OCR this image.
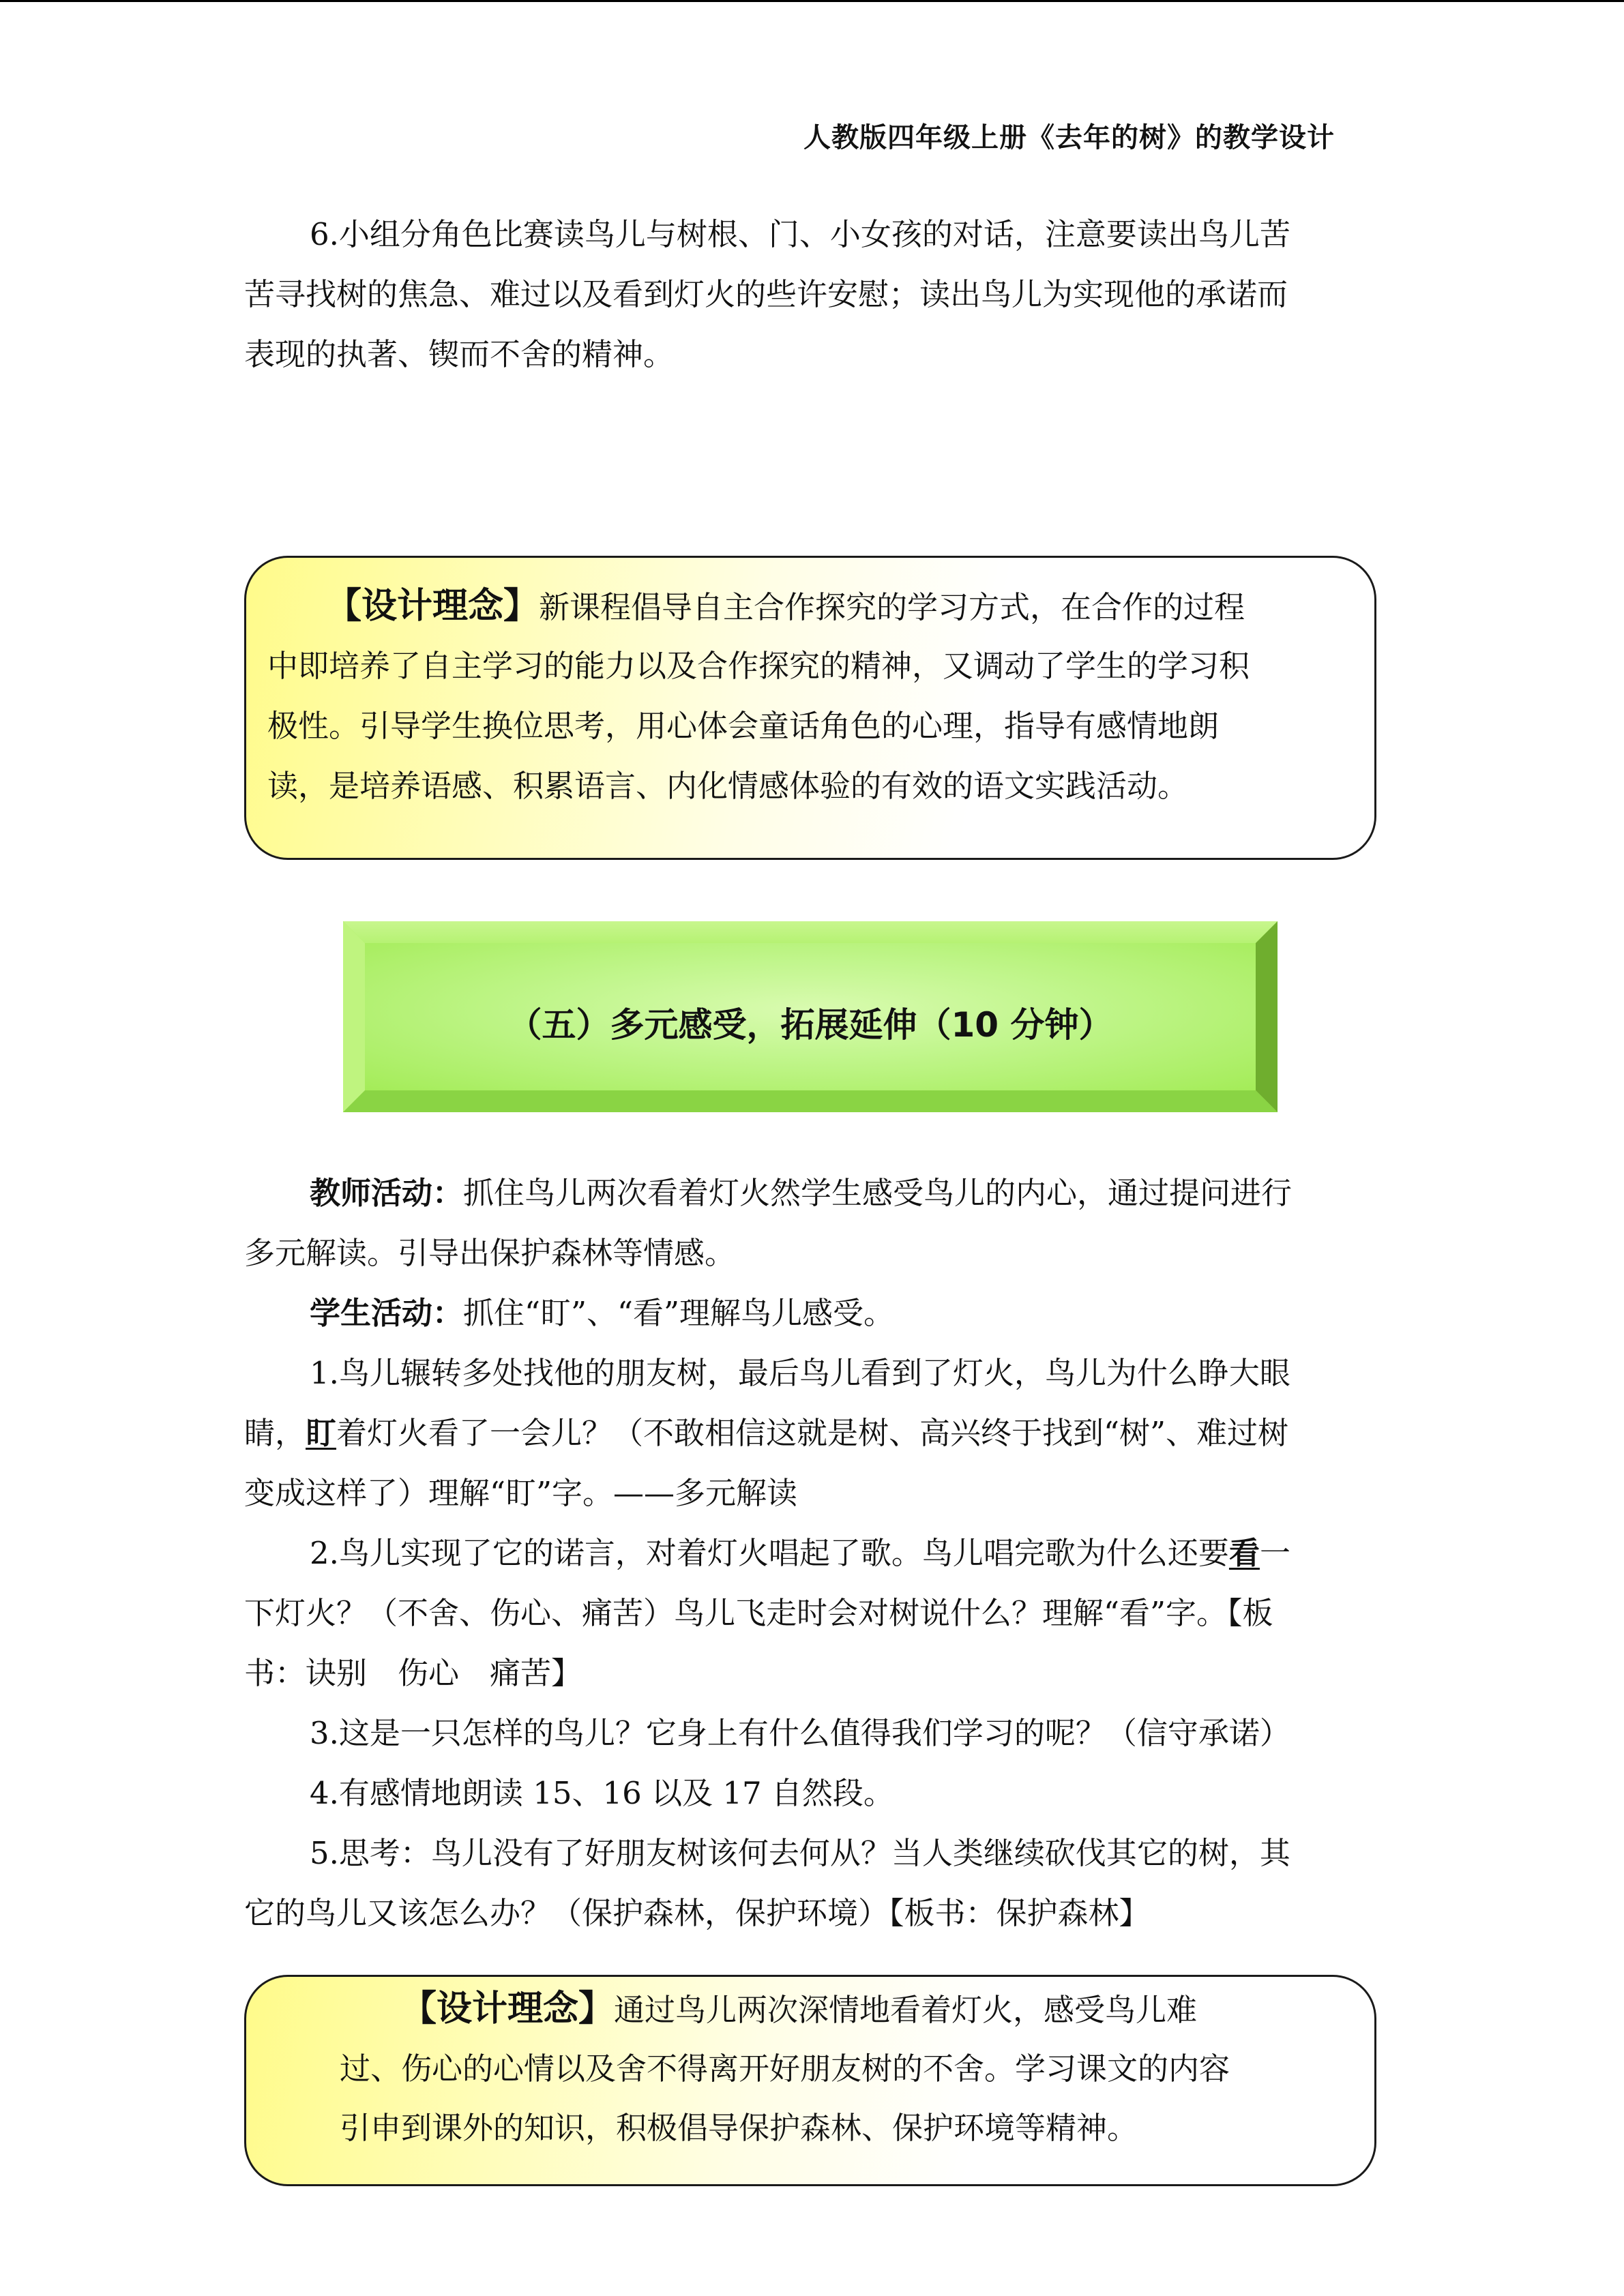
人教版四年级上册《去年的树》的教学设计
6.小组分角色比赛读鸟儿与树根、门、小女孩的对话，注意要读出鸟儿苦
苦寻找树的焦急、难过以及看到灯火的些许安慰；读出鸟儿为实现他的承诺而
表现的执著、锲而不舍的精神。
【设计理念】新课程倡导自主合作探究的学习方式，在合作的过程
中即培养了自主学习的能力以及合作探究的精神，又调动了学生的学习积
极性。引导学生换位思考，用心体会童话角色的心理，指导有感情地朗
读，是培养语感、积累语言、内化情感体验的有效的语文实践活动。
（五）多元感受，拓展延伸（10 分钟）
教师活动：抓住鸟儿两次看着灯火然学生感受鸟儿的内心，通过提问进行
多元解读。引导出保护森林等情感。
学生活动：抓住“盯”、“看”理解鸟儿感受。
1.鸟儿辗转多处找他的朋友树，最后鸟儿看到了灯火，鸟儿为什么睁大眼
睛，盯着灯火看了一会儿？（不敢相信这就是树、高兴终于找到“树”、难过树
变成这样了）理解“盯”字。——多元解读
2.鸟儿实现了它的诺言，对着灯火唱起了歌。鸟儿唱完歌为什么还要看一
下灯火？（不舍、伤心、痛苦）鸟儿飞走时会对树说什么？理解“看”字。【板
书：诀别　伤心　痛苦】
3.这是一只怎样的鸟儿？它身上有什么值得我们学习的呢？（信守承诺）
4.有感情地朗读 15、16 以及 17 自然段。
5.思考：鸟儿没有了好朋友树该何去何从？当人类继续砍伐其它的树，其
它的鸟儿又该怎么办？（保护森林，保护环境）【板书：保护森林】
【设计理念】通过鸟儿两次深情地看着灯火，感受鸟儿难
过、伤心的心情以及舍不得离开好朋友树的不舍。学习课文的内容
引申到课外的知识，积极倡导保护森林、保护环境等精神。
